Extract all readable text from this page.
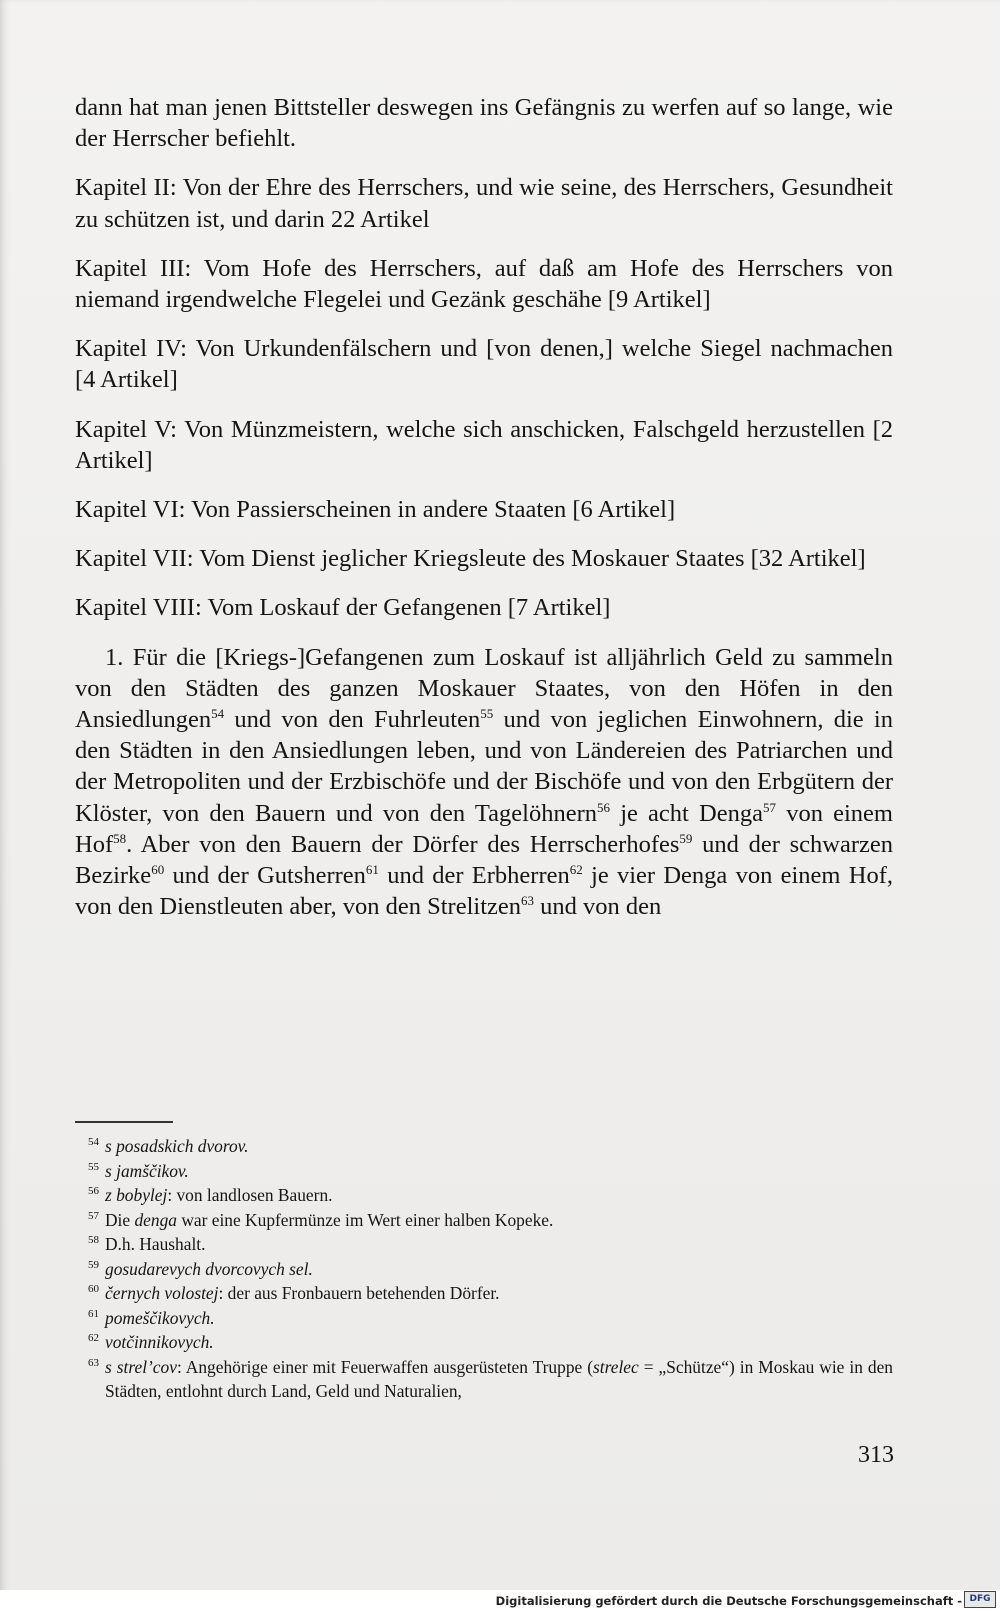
dann hat man jenen Bittsteller deswegen ins Gefängnis zu werfen auf so lange, wie der Herrscher befiehlt.

Kapitel II: Von der Ehre des Herrschers, und wie seine, des Herrschers, Gesundheit zu schützen ist, und darin 22 Artikel

Kapitel III: Vom Hofe des Herrschers, auf daß am Hofe des Herrschers von niemand irgendwelche Flegelei und Gezänk geschähe [9 Artikel]

Kapitel IV: Von Urkundenfälschern und [von denen,] welche Siegel nachmachen [4 Artikel]

Kapitel V: Von Münzmeistern, welche sich anschicken, Falschgeld herzustellen [2 Artikel]

Kapitel VI: Von Passierscheinen in andere Staaten [6 Artikel]

Kapitel VII: Vom Dienst jeglicher Kriegsleute des Moskauer Staates [32 Artikel]

Kapitel VIII: Vom Loskauf der Gefangenen [7 Artikel]

1. Für die [Kriegs-]Gefangenen zum Loskauf ist alljährlich Geld zu sammeln von den Städten des ganzen Moskauer Staates, von den Höfen in den Ansiedlungen$^{54}$ und von den Fuhrleuten$^{55}$ und von jeglichen Einwohnern, die in den Städten in den Ansiedlungen leben, und von Ländereien des Patriarchen und der Metropoliten und der Erzbischöfe und der Bischöfe und von den Erbgütern der Klöster, von den Bauern und von den Tagelöhnern$^{56}$ je acht Denga$^{57}$ von einem Hof$^{58}$. Aber von den Bauern der Dörfer des Herrscherhofes$^{59}$ und der schwarzen Bezirke$^{60}$ und der Gutsherren$^{61}$ und der Erbherren$^{62}$ je vier Denga von einem Hof, von den Dienstleuten aber, von den Strelitzen$^{63}$ und von den

54 s posadskich dvorov.
55 s jamščikov.
56 z bobylej: von landlosen Bauern.
57 Die denga war eine Kupfermünze im Wert einer halben Kopeke.
58 D.h. Haushalt.
59 gosudarevych dvorcovych sel.
60 černych volostej: der aus Fronbauern betehenden Dörfer.
61 pomeščikovych.
62 votčinnikovych.
63 s strel’cov: Angehörige einer mit Feuerwaffen ausgerüsteten Truppe (strelec = „Schütze“) in Moskau wie in den Städten, entlohnt durch Land, Geld und Naturalien,
313
Digitalisierung gefördert durch die Deutsche Forschungsgemeinschaft - DFG
